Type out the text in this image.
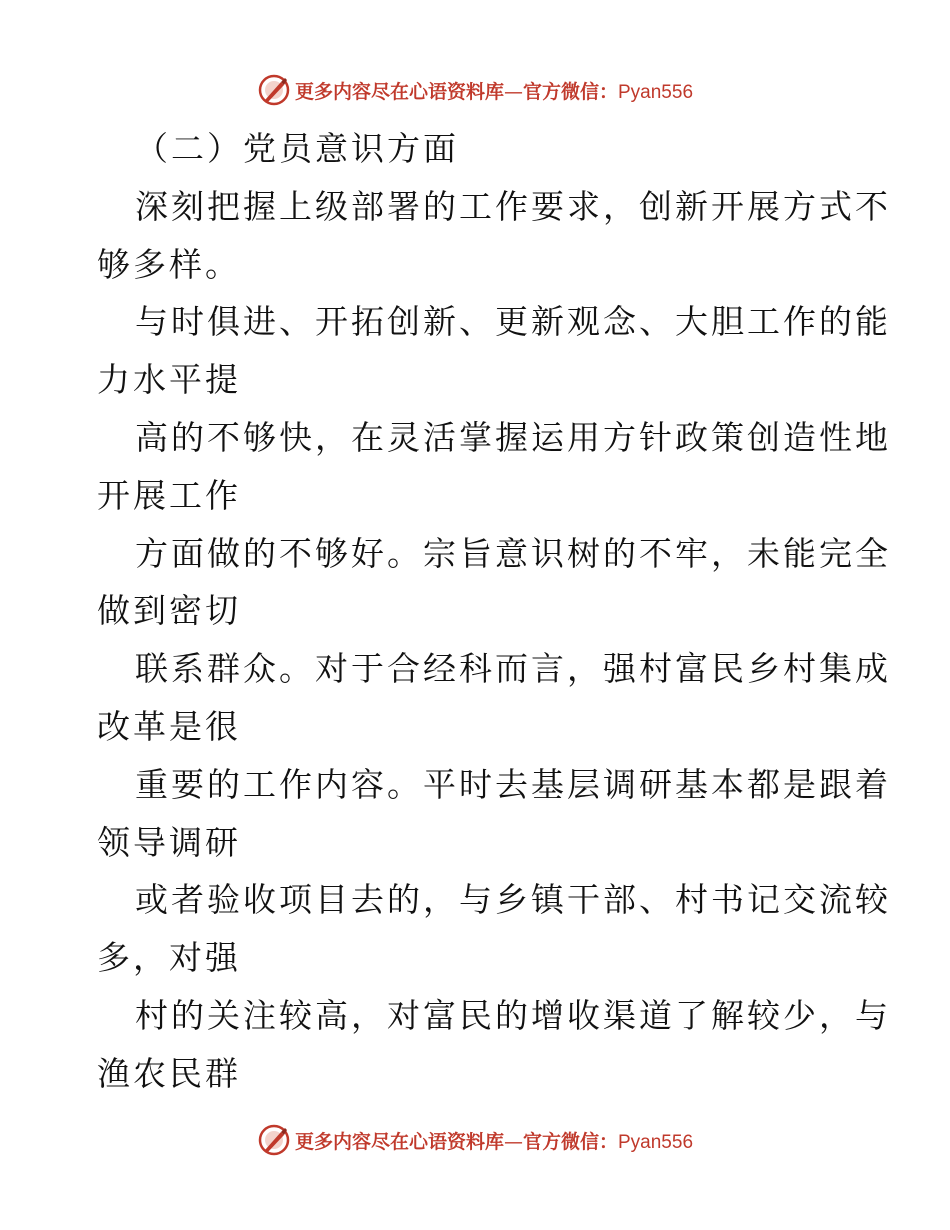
更多内容尽在心语资料库—官方微信：Pyan556
（二）党员意识方面
深刻把握上级部署的工作要求，创新开展方式不
够多样。
与时俱进、开拓创新、更新观念、大胆工作的能
力水平提
高的不够快，在灵活掌握运用方针政策创造性地
开展工作
方面做的不够好。宗旨意识树的不牢，未能完全
做到密切
联系群众。对于合经科而言，强村富民乡村集成
改革是很
重要的工作内容。平时去基层调研基本都是跟着
领导调研
或者验收项目去的，与乡镇干部、村书记交流较
多，对强
村的关注较高，对富民的增收渠道了解较少，与
渔农民群
更多内容尽在心语资料库—官方微信：Pyan556
